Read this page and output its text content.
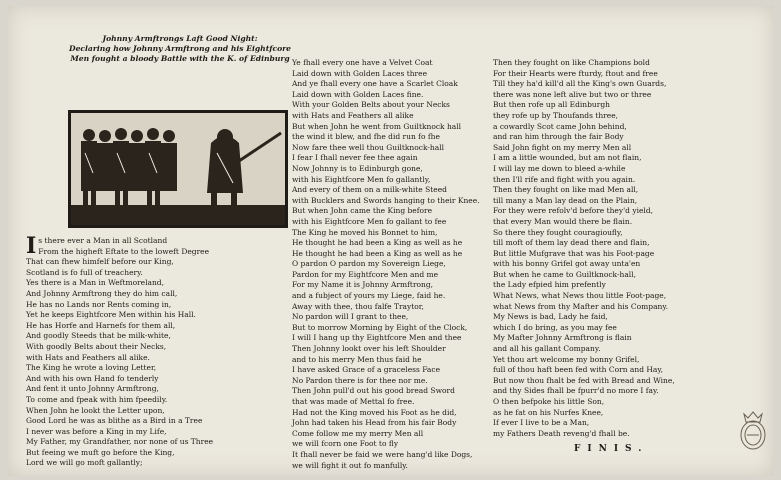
Johnny Armftrongs Laft Good Night:
Declaring how Johnny Armftrong and his Eightfcore
Men fought a bloody Battle with the K. of Edinburg
Is there ever a Man in all Scotland
From the higheft Eftate to the loweft Degree
That can fhew himfelf before our King,
Scotland is fo full of treachery.
Yes there is a Man in Weftmoreland,
And Johnny Armftrong they do him call,
He has no Lands nor Rents coming in,
Yet he keeps Eightfcore Men within his Hall.
He has Horfe and Harnefs for them all,
And goodly Steeds that be milk-white,
With goodly Belts about their Necks,
with Hats and Feathers all alike.
The King he wrote a loving Letter,
And with his own Hand fo tenderly
And fent it unto Johnny Armftrong,
To come and fpeak with him fpeedily.
When John he lookt the Letter upon,
Good Lord he was as blithe as a Bird in a Tree
I never was before a King in my Life,
My Father, my Grandfather, nor none of us Three
But feeing we muft go before the King,
Lord we will go moft gallantly;
Ye fhall every one have a Velvet Coat
Laid down with Golden Laces three
And ye fhall every one have a Scarlet Cloak
Laid down with Golden Laces fine.
With your Golden Belts about your Necks
with Hats and Feathers all alike
But when John he went from Guiltknock hall
the wind it blew, and fhe did run fo fhe
Now fare thee well thou Guiltknock-hall
I fear I fhall never fee thee again
Now Johnny is to Edinburgh gone,
with his Eightfcore Men fo gallantly,
And every of them on a milk-white Steed
with Bucklers and Swords hanging to their Knee.
But when John came the King before
with his Eightfcore Men fo gallant to fee
The King he moved his Bonnet to him,
He thought he had been a King as well as he
He thought he had been a King as well as he
O pardon O pardon my Sovereign Liege,
Pardon for my Eightfcore Men and me
For my Name it is Johnny Armftrong,
and a fubject of yours my Liege, faid he.
Away with thee, thou falfe Traytor,
No pardon will I grant to thee,
But to morrow Morning by Eight of the Clock,
I will I hang up thy Eightfcore Men and thee
Then Johnny lookt over his left Shoulder
and to his merry Men thus faid he
I have asked Grace of a graceless Face
No Pardon there is for thee nor me.
Then John pull'd out his good bread Sword
that was made of Mettal fo free.
Had not the King moved his Foot as he did,
John had taken his Head from his fair Body
Come follow me my merry Men all
we will fcorn one Foot to fly
It fhall never be faid we were hang'd like Dogs,
we will fight it out fo manfully.
Then they fought on like Champions bold
For their Hearts were fturdy, ftout and free
Till they ha'd kill'd all the King's own Guards,
there was none left alive but two or three
But then rofe up all Edinburgh
they rofe up by Thoufands three,
a cowardly Scot came John behind,
and ran him through the fair Body
Said John fight on my merry Men all
I am a little wounded, but am not flain,
I will lay me down to bleed a-while
then I'll rife and fight with you again.
Then they fought on like mad Men all,
till many a Man lay dead on the Plain,
For they were refolv'd before they'd yield,
that every Man would there be flain.
So there they fought couragioufly,
till moft of them lay dead there and flain,
But little Mufgrave that was his Foot-page
with his bonny Grifel got away unta'en
But when he came to Guiltknock-hall,
the Lady efpied him prefently
What News, what News thou little Foot-page,
what News from thy Mafter and his Company.
My News is bad, Lady he faid,
which I do bring, as you may fee
My Mafter Johnny Armftrong is flain
and all his gallant Company.
Yet thou art welcome my bonny Grifel,
full of thou haft been fed with Corn and Hay,
But now thou fhalt be fed with Bread and Wine,
and thy Sides fhall be fpurr'd no more I fay.
O then befpoke his little Son,
as he fat on his Nurfes Knee,
If ever I live to be a Man,
my Fathers Death reveng'd fhall be.
FINIS.
